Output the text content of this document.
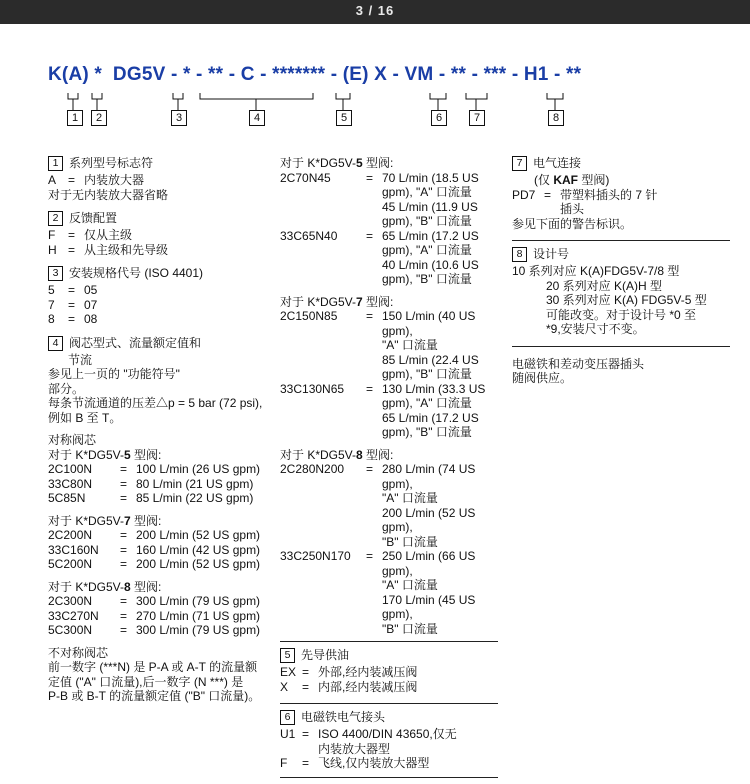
3 / 16
K(A) *  DG5V - * - ** - C - ******* - (E) X - VM - ** - *** - H1 - **
1	2	3	4	5	6	7	8
1 系列型号标志符
A = 内装放大器
对于无内装放大器省略
2 反馈配置
F	= 仅从主级
H = 从主级和先导级
3 安装规格代号 (ISO 4401)
5	= 05
7	= 07
8	= 08
4 阀芯型式、流量额定值和
节流
参见上一页的 "功能符号"
部分。
每条节流通道的压差△p = 5 bar (72 psi),
例如 B 至 T。
对称阀芯
对于 K*DG5V-5 型阀:
2C100N	= 100 L/min (26 US gpm)
33C80N	= 80 L/min (21 US gpm)
5C85N	= 85 L/min (22 US gpm)
对于 K*DG5V-7 型阀:
2C200N	= 200 L/min (52 US gpm)
33C160N	= 160 L/min (42 US gpm)
5C200N	= 200 L/min (52 US gpm)
对于 K*DG5V-8 型阀:
2C300N	= 300 L/min (79 US gpm)
33C270N	= 270 L/min (71 US gpm)
5C300N	= 300 L/min (79 US gpm)
不对称阀芯
前一数字 (***N) 是 P-A 或 A-T 的流量额
定值 ("A" 口流量),后一数字 (N ***) 是
P-B 或 B-T 的流量额定值 ("B" 口流量)。
对于 K*DG5V-5 型阀:
2C70N45	= 70 L/min (18.5 US
gpm), "A" 口流量
45 L/min (11.9 US
gpm), "B" 口流量
33C65N40	= 65 L/min (17.2 US
gpm), "A" 口流量
40 L/min (10.6 US
gpm), "B" 口流量
对于 K*DG5V-7 型阀:
2C150N85	= 150 L/min (40 US gpm),
"A" 口流量
85 L/min (22.4 US
gpm), "B" 口流量
33C130N65	= 130 L/min (33.3 US
gpm), "A" 口流量
65 L/min (17.2 US
gpm), "B" 口流量
对于 K*DG5V-8 型阀:
2C280N200	= 280 L/min (74 US gpm),
"A" 口流量
200 L/min (52 US gpm),
"B" 口流量
33C250N170	= 250 L/min (66 US gpm),
"A" 口流量
170 L/min (45 US gpm),
"B" 口流量
5 先导供油
EX = 外部,经内装减压阀
X	= 内部,经内装减压阀
6 电磁铁电气接头
U1 = ISO 4400/DIN 43650,仅无
内装放大器型
F	= 飞线,仅内装放大器型
7 电气连接
(仅 KAF 型阀)
PD7 = 带塑料插头的 7 针
插头
参见下面的警告标识。
8 设计号
10 系列对应 K(A)FDG5V-7/8 型
20 系列对应 K(A)H 型
30 系列对应 K(A) FDG5V-5 型
可能改变。对于设计号 *0 至
*9,安装尺寸不变。
电磁铁和差动变压器插头
随阀供应。
